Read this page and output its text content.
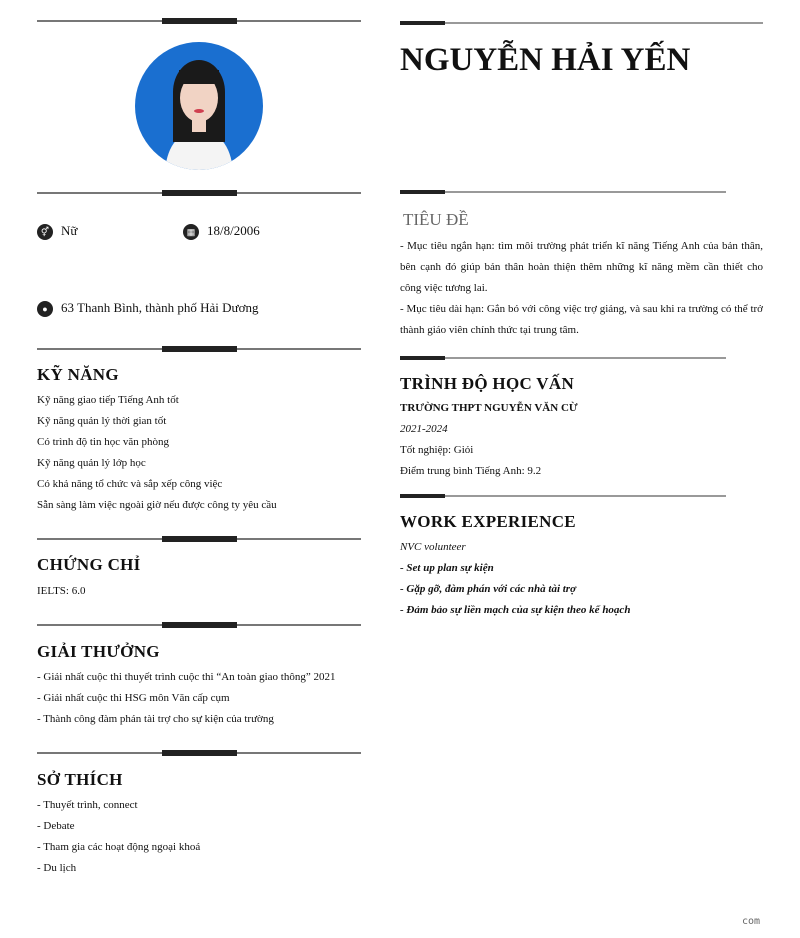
⚥ Nữ	▦ 18/8/2006
● 63 Thanh Bình, thành phố Hải Dương
KỸ NĂNG
Kỹ năng giao tiếp Tiếng Anh tốt
Kỹ năng quản lý thời gian tốt
Có trình độ tin học văn phòng
Kỹ năng quản lý lớp học
Có khả năng tổ chức và sắp xếp công việc
Sẵn sàng làm việc ngoài giờ nếu được công ty yêu cầu
CHỨNG CHỈ
IELTS: 6.0
GIẢI THƯỞNG
- Giải nhất cuộc thi thuyết trình cuộc thi “An toàn giao thông” 2021
- Giải nhất cuộc thi HSG môn Văn cấp cụm
- Thành công đàm phán tài trợ cho sự kiện của trường
SỞ THÍCH
- Thuyết trình, connect
- Debate
- Tham gia các hoạt động ngoại khoá
- Du lịch
NGUYỄN HẢI YẾN
TIÊU ĐỀ
- Mục tiêu ngắn hạn: tìm môi trường phát triển kĩ năng Tiếng Anh của bản thân, bên cạnh đó giúp bản thân hoàn thiện thêm những kĩ năng mềm cần thiết cho công việc tương lai.
- Mục tiêu dài hạn: Gắn bó với công việc trợ giảng, và sau khi ra trường có thể trở thành giáo viên chính thức tại trung tâm.
TRÌNH ĐỘ HỌC VẤN
TRƯỜNG THPT NGUYỄN VĂN CỪ
2021-2024
Tốt nghiệp: Giỏi
Điểm trung bình Tiếng Anh: 9.2
WORK EXPERIENCE
NVC volunteer
- Set up plan sự kiện
- Gặp gỡ, đàm phán với các nhà tài trợ
- Đảm bảo sự liền mạch của sự kiện theo kế hoạch
com
